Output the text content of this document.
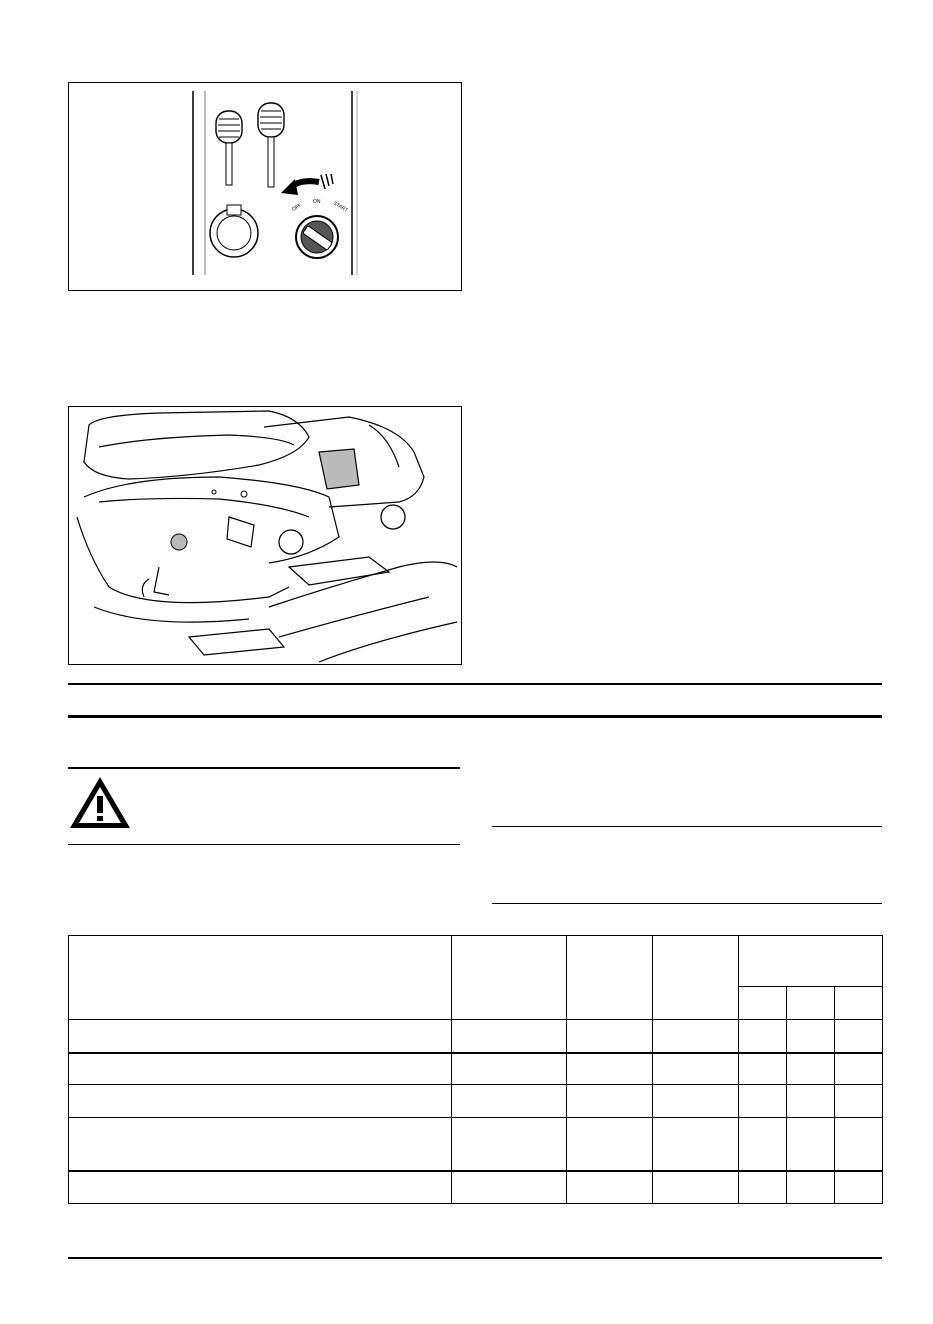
OFF
ON START
